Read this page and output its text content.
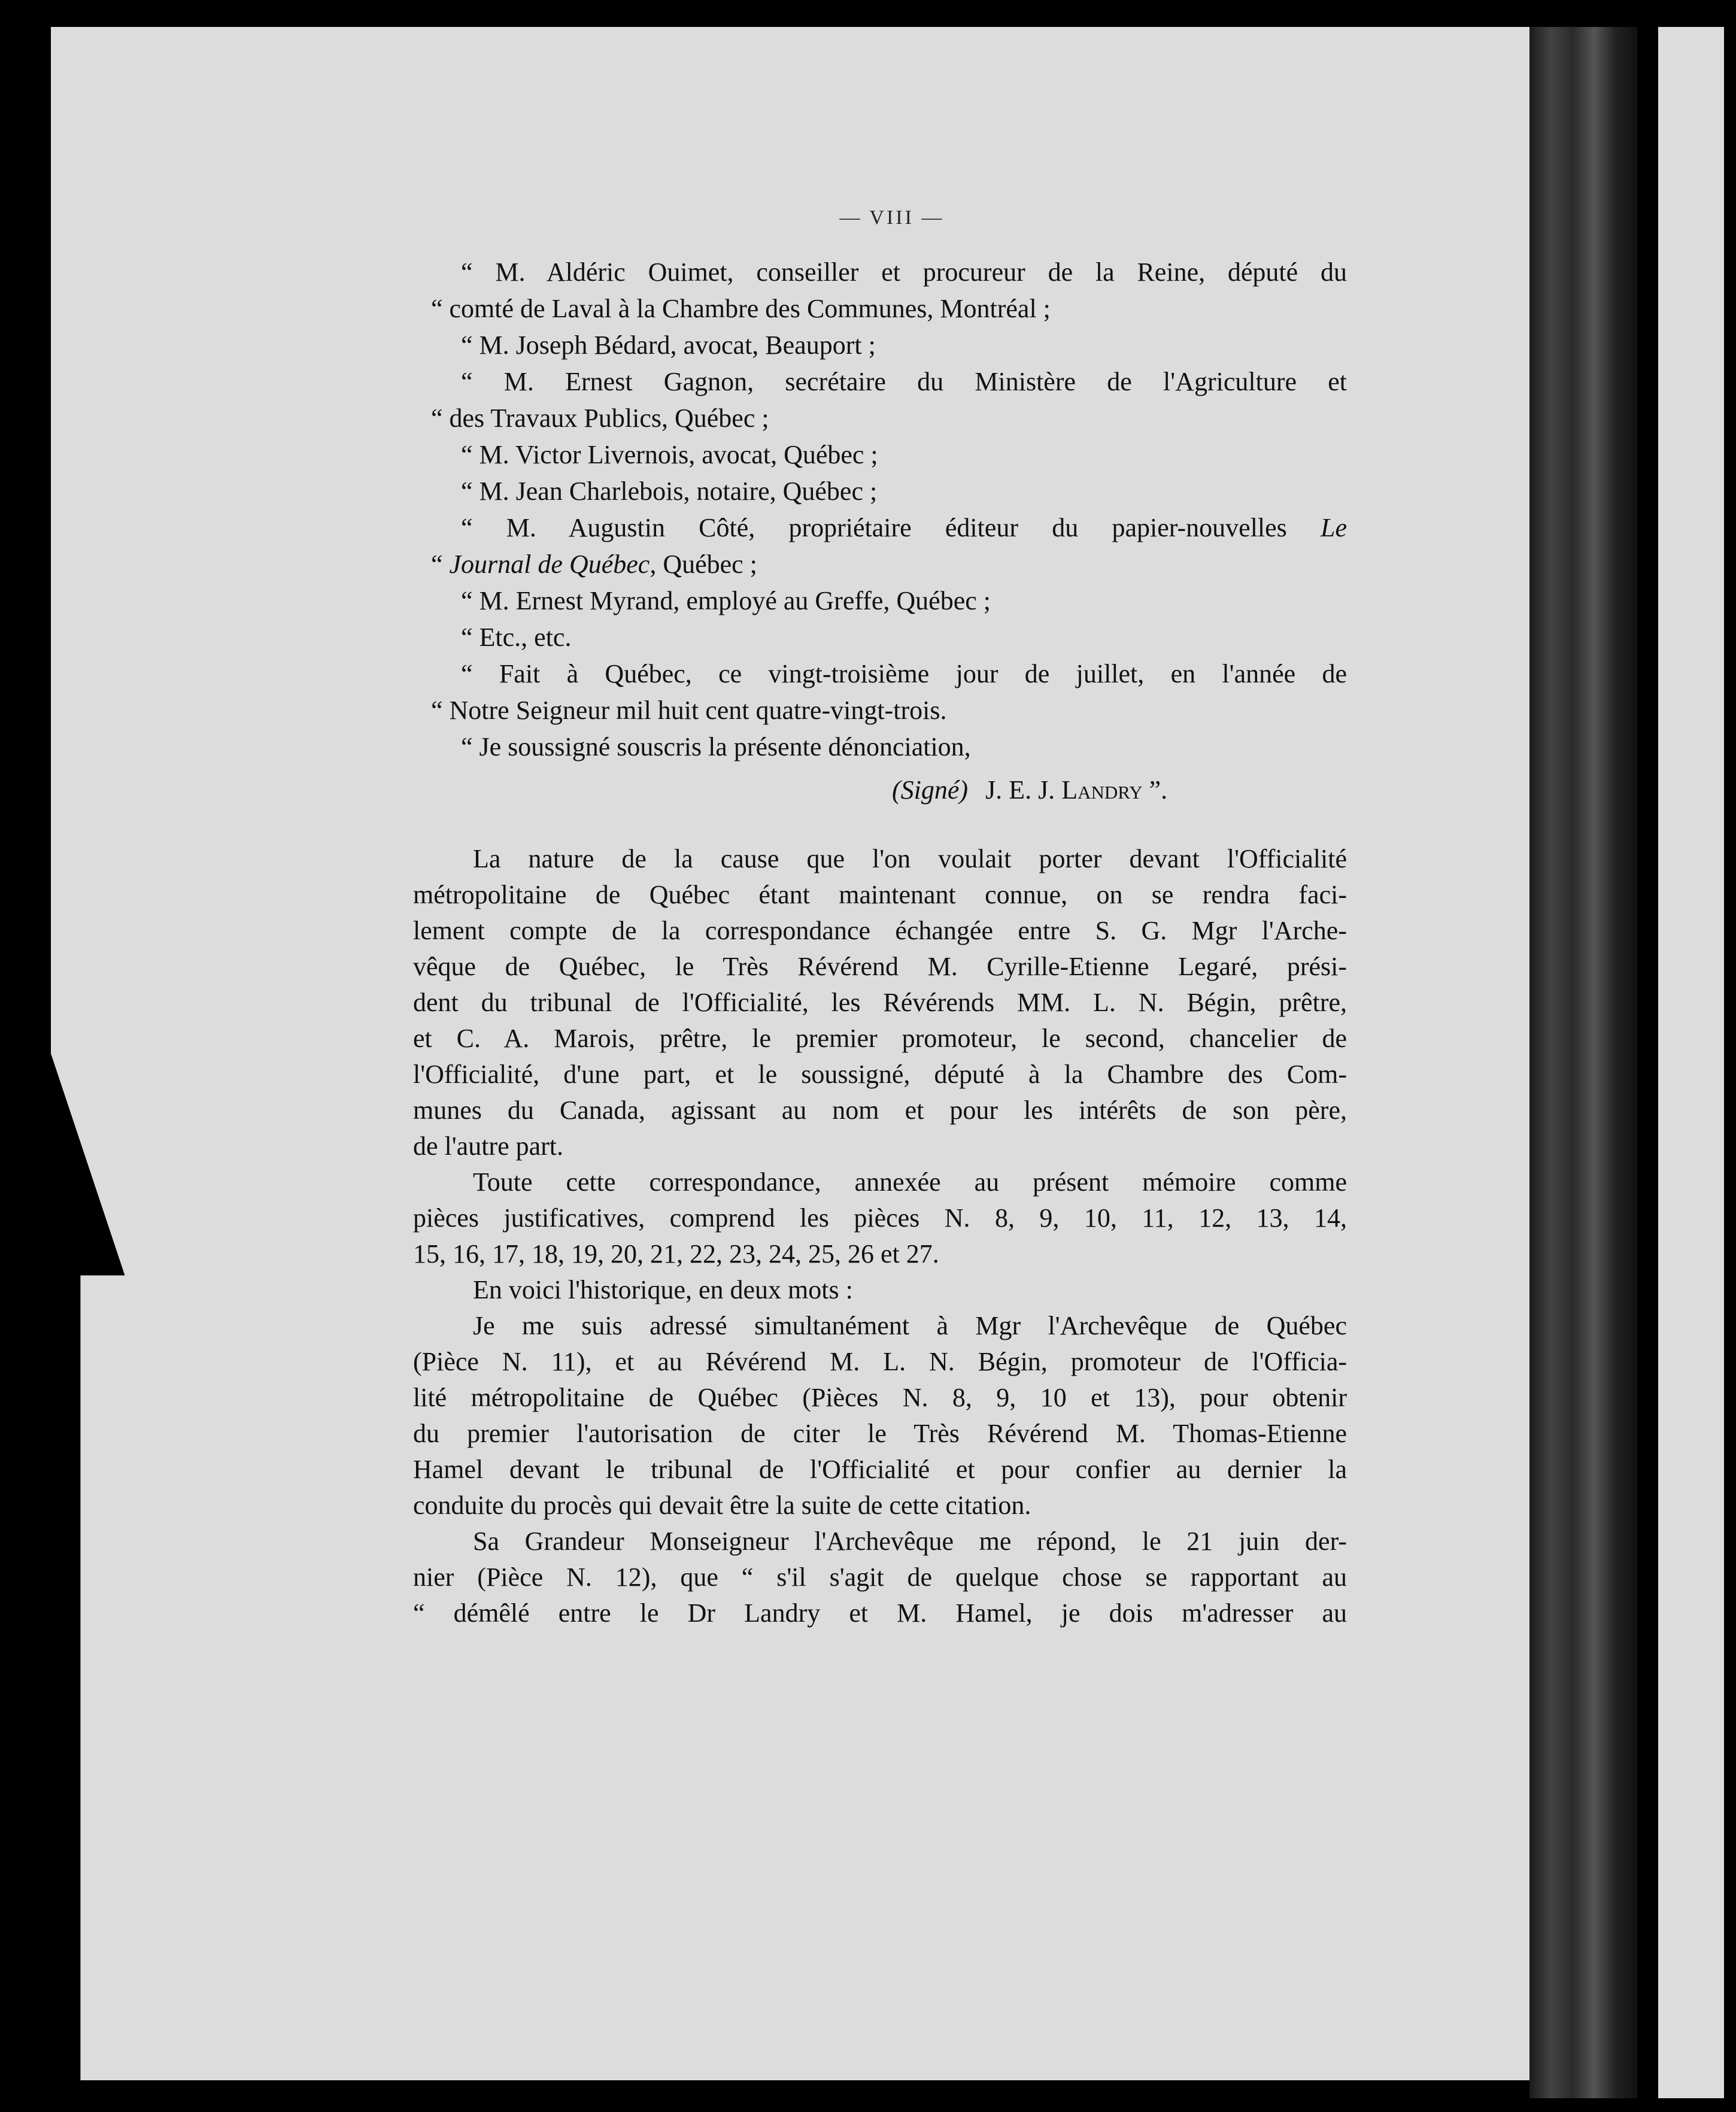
— VIII —
“ M. Aldéric Ouimet, conseiller et procureur de la Reine, député du
“ comté de Laval à la Chambre des Communes, Montréal ;
“ M. Joseph Bédard, avocat, Beauport ;
“ M. Ernest Gagnon, secrétaire du Ministère de l'Agriculture et
“ des Travaux Publics, Québec ;
“ M. Victor Livernois, avocat, Québec ;
“ M. Jean Charlebois, notaire, Québec ;
“ M. Augustin Côté, propriétaire éditeur du papier-nouvelles Le
“ Journal de Québec, Québec ;
“ M. Ernest Myrand, employé au Greffe, Québec ;
“ Etc., etc.
“ Fait à Québec, ce vingt-troisième jour de juillet, en l'année de
“ Notre Seigneur mil huit cent quatre-vingt-trois.
“ Je soussigné souscris la présente dénonciation,
(Signé) J. E. J. Landry ”.
La nature de la cause que l'on voulait porter devant l'Officialité
métropolitaine de Québec étant maintenant connue, on se rendra faci-
lement compte de la correspondance échangée entre S. G. Mgr l'Arche-
vêque de Québec, le Très Révérend M. Cyrille-Etienne Legaré, prési-
dent du tribunal de l'Officialité, les Révérends MM. L. N. Bégin, prêtre,
et C. A. Marois, prêtre, le premier promoteur, le second, chancelier de
l'Officialité, d'une part, et le soussigné, député à la Chambre des Com-
munes du Canada, agissant au nom et pour les intérêts de son père,
de l'autre part.
Toute cette correspondance, annexée au présent mémoire comme
pièces justificatives, comprend les pièces N. 8, 9, 10, 11, 12, 13, 14,
15, 16, 17, 18, 19, 20, 21, 22, 23, 24, 25, 26 et 27.
En voici l'historique, en deux mots :
Je me suis adressé simultanément à Mgr l'Archevêque de Québec
(Pièce N. 11), et au Révérend M. L. N. Bégin, promoteur de l'Officia-
lité métropolitaine de Québec (Pièces N. 8, 9, 10 et 13), pour obtenir
du premier l'autorisation de citer le Très Révérend M. Thomas-Etienne
Hamel devant le tribunal de l'Officialité et pour confier au dernier la
conduite du procès qui devait être la suite de cette citation.
Sa Grandeur Monseigneur l'Archevêque me répond, le 21 juin der-
nier (Pièce N. 12), que “ s'il s'agit de quelque chose se rapportant au
“ démêlé entre le Dr Landry et M. Hamel, je dois m'adresser au
